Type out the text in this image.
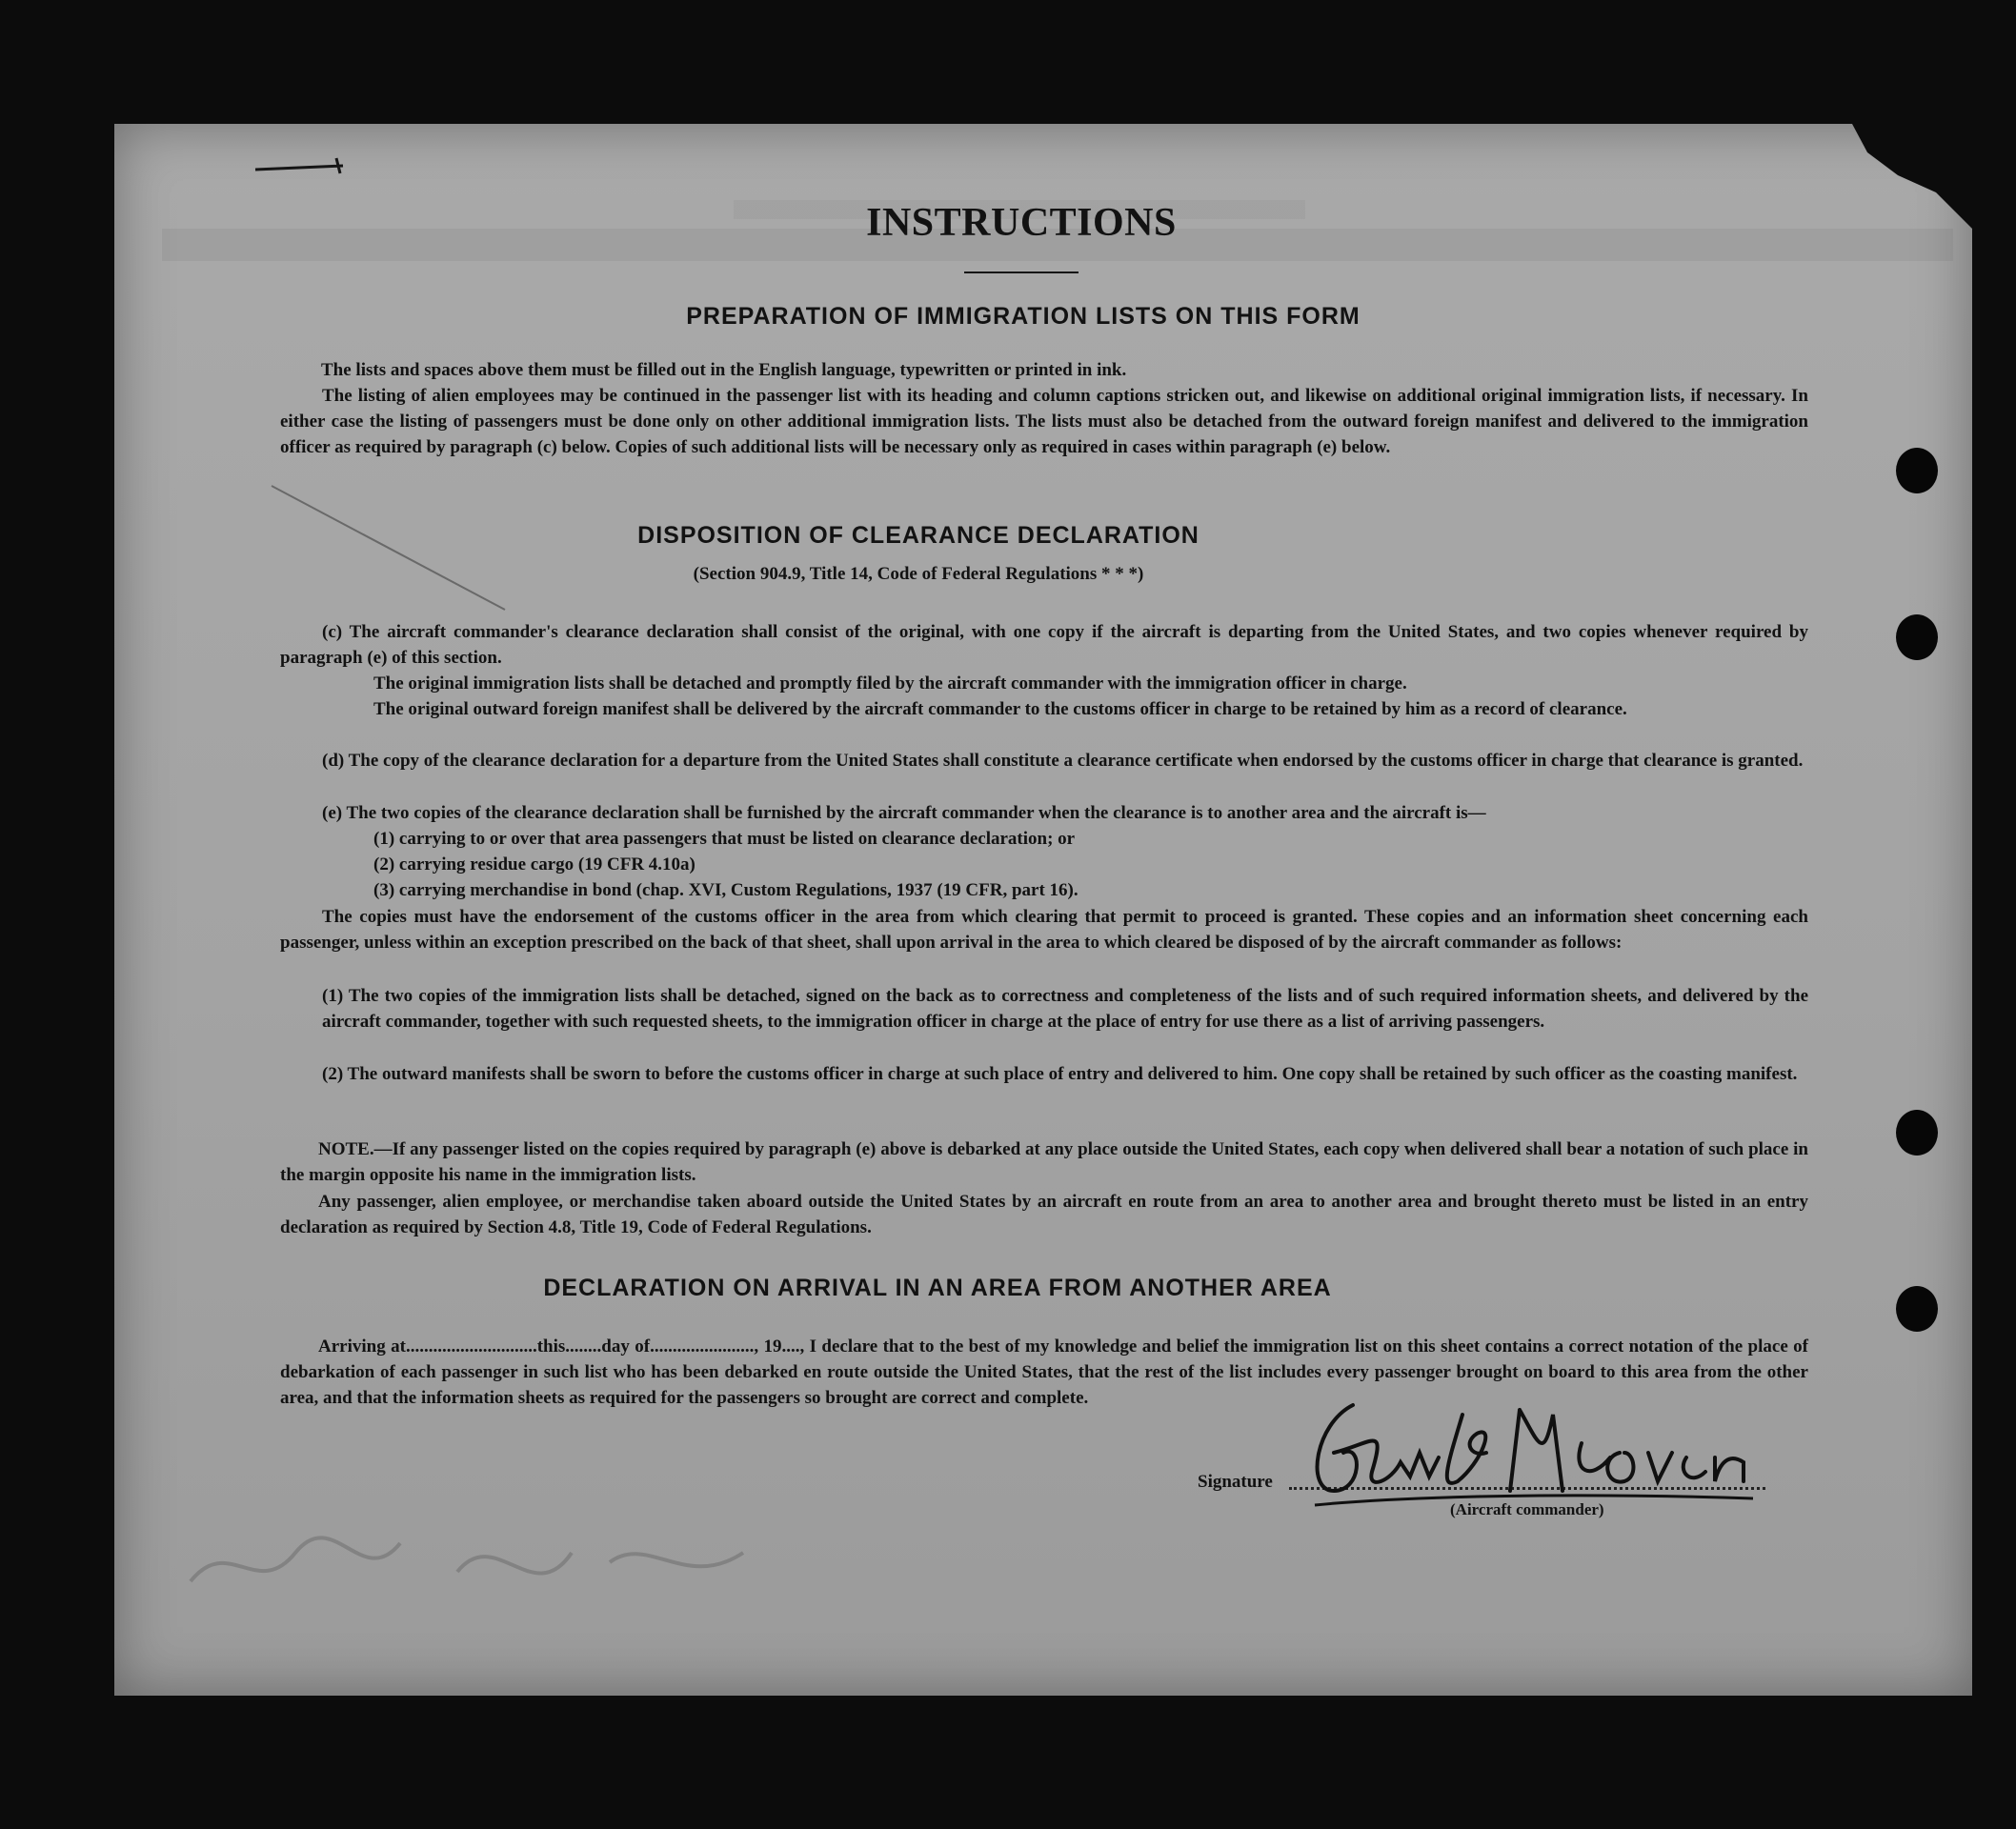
INSTRUCTIONS
PREPARATION OF IMMIGRATION LISTS ON THIS FORM
The lists and spaces above them must be filled out in the English language, typewritten or printed in ink.
The listing of alien employees may be continued in the passenger list with its heading and column captions stricken out, and likewise on additional original immigration lists, if necessary. In either case the listing of passengers must be done only on other additional immigration lists. The lists must also be detached from the outward foreign manifest and delivered to the immigration officer as required by paragraph (c) below. Copies of such additional lists will be necessary only as required in cases within paragraph (e) below.
DISPOSITION OF CLEARANCE DECLARATION
(Section 904.9, Title 14, Code of Federal Regulations * * *)
(c) The aircraft commander's clearance declaration shall consist of the original, with one copy if the aircraft is departing from the United States, and two copies whenever required by paragraph (e) of this section.
The original immigration lists shall be detached and promptly filed by the aircraft commander with the immigration officer in charge.
The original outward foreign manifest shall be delivered by the aircraft commander to the customs officer in charge to be retained by him as a record of clearance.
(d) The copy of the clearance declaration for a departure from the United States shall constitute a clearance certificate when endorsed by the customs officer in charge that clearance is granted.
(e) The two copies of the clearance declaration shall be furnished by the aircraft commander when the clearance is to another area and the aircraft is—
(1) carrying to or over that area passengers that must be listed on clearance declaration; or
(2) carrying residue cargo (19 CFR 4.10a)
(3) carrying merchandise in bond (chap. XVI, Custom Regulations, 1937 (19 CFR, part 16).
The copies must have the endorsement of the customs officer in the area from which clearing that permit to proceed is granted. These copies and an information sheet concerning each passenger, unless within an exception prescribed on the back of that sheet, shall upon arrival in the area to which cleared be disposed of by the aircraft commander as follows:
(1) The two copies of the immigration lists shall be detached, signed on the back as to correctness and completeness of the lists and of such required information sheets, and delivered by the aircraft commander, together with such requested sheets, to the immigration officer in charge at the place of entry for use there as a list of arriving passengers.
(2) The outward manifests shall be sworn to before the customs officer in charge at such place of entry and delivered to him. One copy shall be retained by such officer as the coasting manifest.
NOTE.—If any passenger listed on the copies required by paragraph (e) above is debarked at any place outside the United States, each copy when delivered shall bear a notation of such place in the margin opposite his name in the immigration lists.
Any passenger, alien employee, or merchandise taken aboard outside the United States by an aircraft en route from an area to another area and brought thereto must be listed in an entry declaration as required by Section 4.8, Title 19, Code of Federal Regulations.
DECLARATION ON ARRIVAL IN AN AREA FROM ANOTHER AREA
Arriving at.............................this........day of......................., 19...., I declare that to the best of my knowledge and belief the immigration list on this sheet contains a correct notation of the place of debarkation of each passenger in such list who has been debarked en route outside the United States, that the rest of the list includes every passenger brought on board to this area from the other area, and that the information sheets as required for the passengers so brought are correct and complete.
Signature
(Aircraft commander)
